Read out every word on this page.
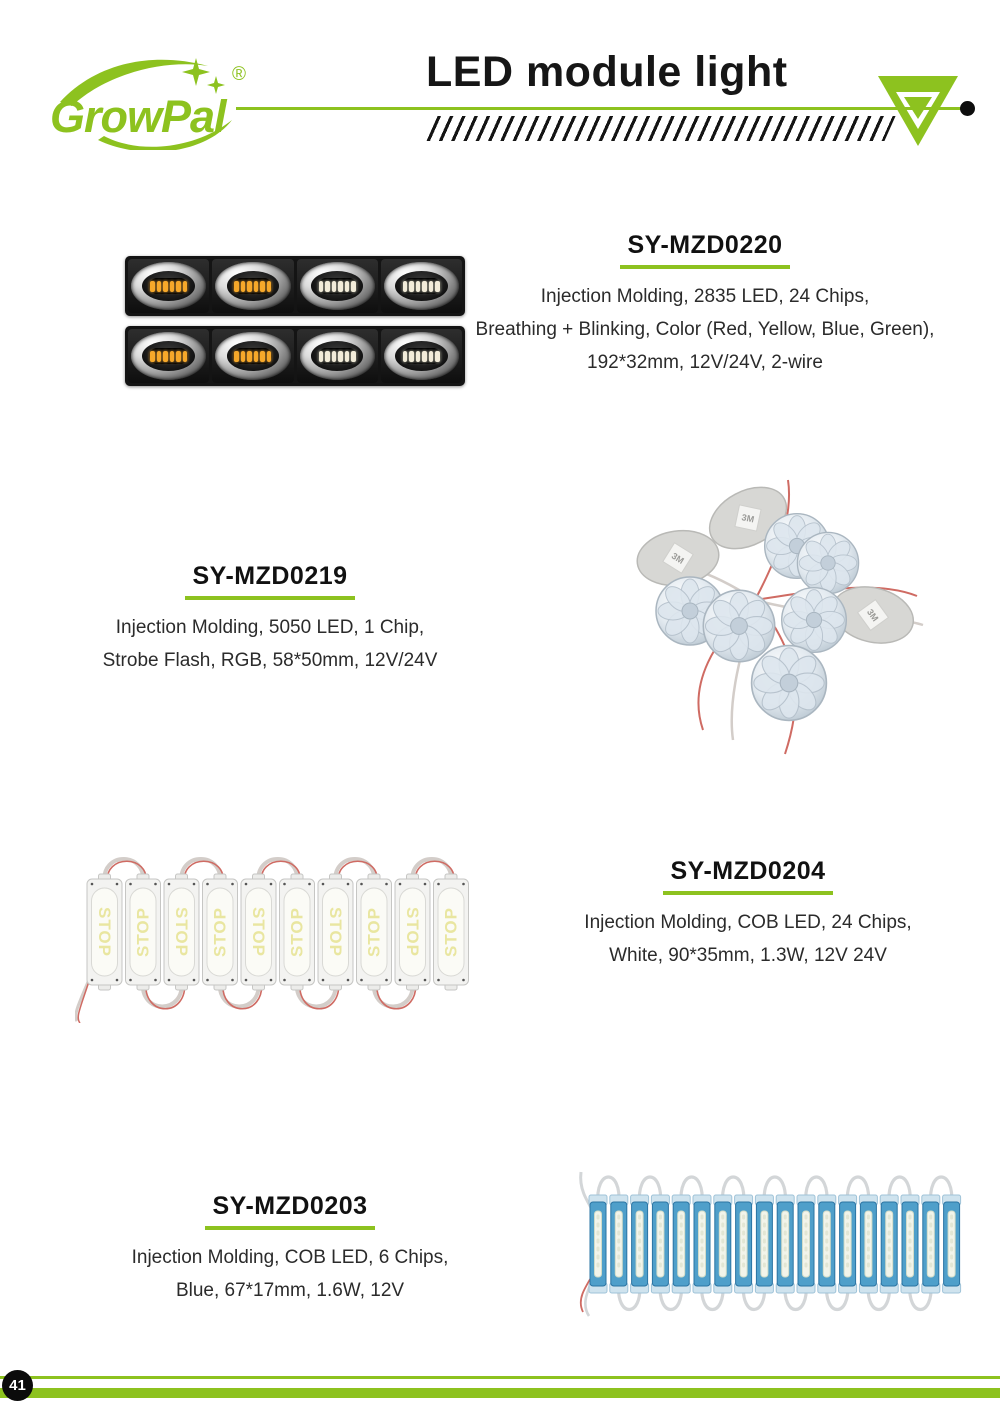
GrowPal
®	LED module light
SY-MZD0220
Injection Molding, 2835 LED, 24 Chips,
Breathing + Blinking, Color (Red, Yellow, Blue, Green),
192*32mm, 12V/24V, 2-wire
SY-MZD0219
Injection Molding, 5050 LED, 1 Chip,
Strobe Flash, RGB, 58*50mm, 12V/24V
3M
3M
3M
STOP STOP STOP STOP STOP STOP STOP STOP STOP STOP
SY-MZD0204
Injection Molding, COB LED, 24 Chips,
White, 90*35mm, 1.3W, 12V 24V
SY-MZD0203
Injection Molding, COB LED, 6 Chips,
Blue, 67*17mm, 1.6W, 12V
41
